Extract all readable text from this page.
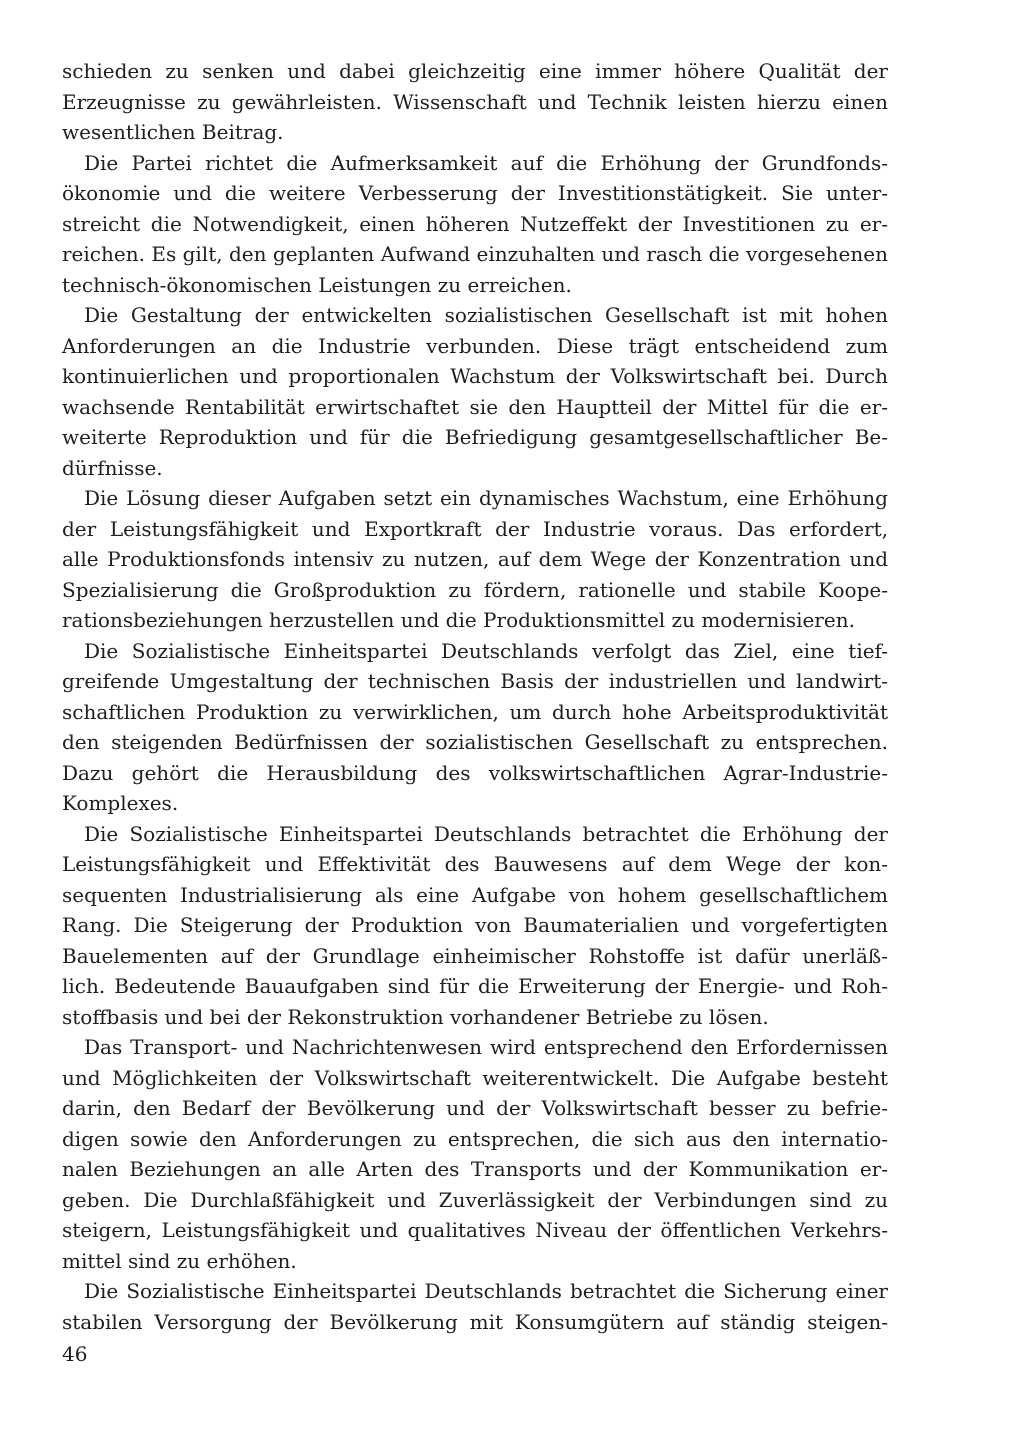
schieden zu senken und dabei gleichzeitig eine immer höhere Qualität der
Erzeugnisse zu gewährleisten. Wissenschaft und Technik leisten hierzu einen
wesentlichen Beitrag.

Die Partei richtet die Aufmerksamkeit auf die Erhöhung der Grundfonds-
ökonomie und die weitere Verbesserung der Investitionstätigkeit. Sie unter-
streicht die Notwendigkeit, einen höheren Nutzeffekt der Investitionen zu er-
reichen. Es gilt, den geplanten Aufwand einzuhalten und rasch die vorgesehenen
technisch-ökonomischen Leistungen zu erreichen.

Die Gestaltung der entwickelten sozialistischen Gesellschaft ist mit hohen
Anforderungen an die Industrie verbunden. Diese trägt entscheidend zum
kontinuierlichen und proportionalen Wachstum der Volkswirtschaft bei. Durch
wachsende Rentabilität erwirtschaftet sie den Hauptteil der Mittel für die er-
weiterte Reproduktion und für die Befriedigung gesamtgesellschaftlicher Be-
dürfnisse.

Die Lösung dieser Aufgaben setzt ein dynamisches Wachstum, eine Erhöhung
der Leistungsfähigkeit und Exportkraft der Industrie voraus. Das erfordert,
alle Produktionsfonds intensiv zu nutzen, auf dem Wege der Konzentration und
Spezialisierung die Großproduktion zu fördern, rationelle und stabile Koope-
rationsbeziehungen herzustellen und die Produktionsmittel zu modernisieren.

Die Sozialistische Einheitspartei Deutschlands verfolgt das Ziel, eine tief-
greifende Umgestaltung der technischen Basis der industriellen und landwirt-
schaftlichen Produktion zu verwirklichen, um durch hohe Arbeitsproduktivität
den steigenden Bedürfnissen der sozialistischen Gesellschaft zu entsprechen.
Dazu gehört die Herausbildung des volkswirtschaftlichen Agrar-Industrie-
Komplexes.

Die Sozialistische Einheitspartei Deutschlands betrachtet die Erhöhung der
Leistungsfähigkeit und Effektivität des Bauwesens auf dem Wege der kon-
sequenten Industrialisierung als eine Aufgabe von hohem gesellschaftlichem
Rang. Die Steigerung der Produktion von Baumaterialien und vorgefertigten
Bauelementen auf der Grundlage einheimischer Rohstoffe ist dafür unerläß-
lich. Bedeutende Bauaufgaben sind für die Erweiterung der Energie- und Roh-
stoffbasis und bei der Rekonstruktion vorhandener Betriebe zu lösen.

Das Transport- und Nachrichtenwesen wird entsprechend den Erfordernissen
und Möglichkeiten der Volkswirtschaft weiterentwickelt. Die Aufgabe besteht
darin, den Bedarf der Bevölkerung und der Volkswirtschaft besser zu befrie-
digen sowie den Anforderungen zu entsprechen, die sich aus den internatio-
nalen Beziehungen an alle Arten des Transports und der Kommunikation er-
geben. Die Durchlaßfähigkeit und Zuverlässigkeit der Verbindungen sind zu
steigern, Leistungsfähigkeit und qualitatives Niveau der öffentlichen Verkehrs-
mittel sind zu erhöhen.

Die Sozialistische Einheitspartei Deutschlands betrachtet die Sicherung einer
stabilen Versorgung der Bevölkerung mit Konsumgütern auf ständig steigen-

46
